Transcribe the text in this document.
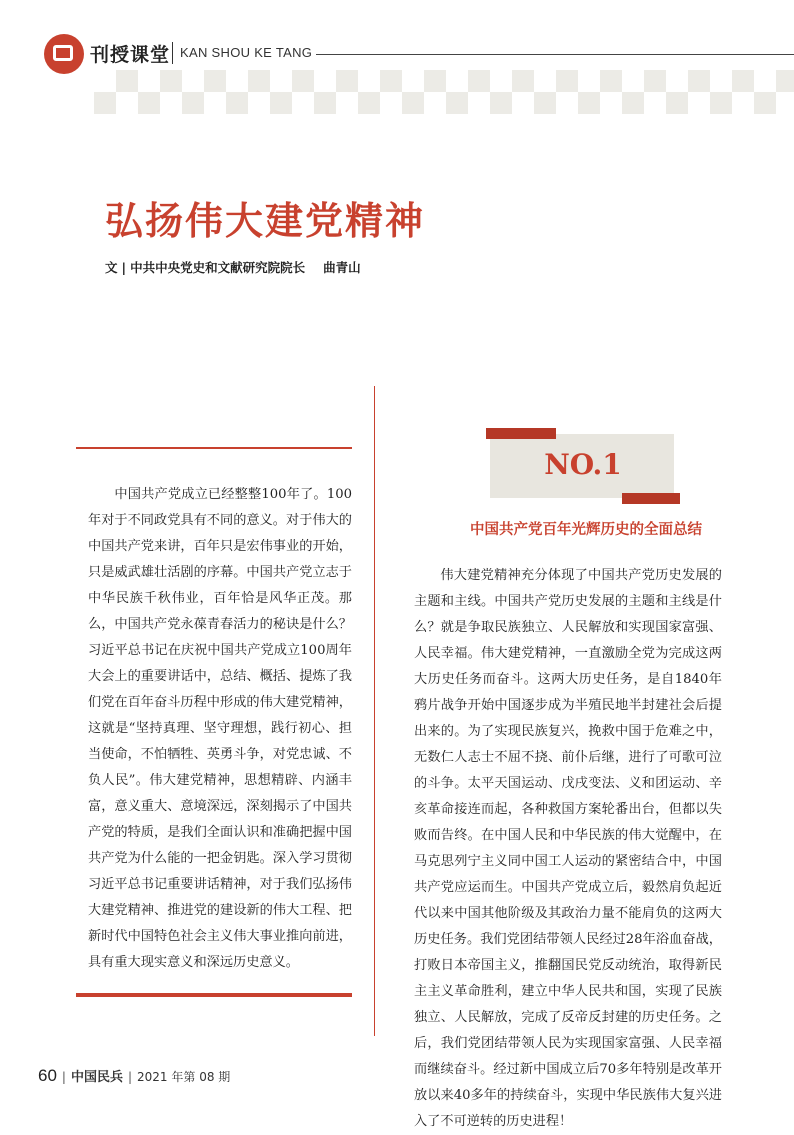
刊授课堂 KAN SHOU KE TANG
弘扬伟大建党精神
文 | 中共中央党史和文献研究院院长 曲青山

中国共产党成立已经整整100年了。100年对于不同政党具有不同的意义。对于伟大的中国共产党来讲，百年只是宏伟事业的开始，只是威武雄壮活剧的序幕。中国共产党立志于中华民族千秋伟业，百年恰是风华正茂。那么，中国共产党永葆青春活力的秘诀是什么？习近平总书记在庆祝中国共产党成立100周年大会上的重要讲话中，总结、概括、提炼了我们党在百年奋斗历程中形成的伟大建党精神，这就是“坚持真理、坚守理想，践行初心、担当使命，不怕牺牲、英勇斗争，对党忠诚、不负人民”。伟大建党精神，思想精辟、内涵丰富，意义重大、意境深远，深刻揭示了中国共产党的特质，是我们全面认识和准确把握中国共产党为什么能的一把金钥匙。深入学习贯彻习近平总书记重要讲话精神，对于我们弘扬伟大建党精神、推进党的建设新的伟大工程、把新时代中国特色社会主义伟大事业推向前进，具有重大现实意义和深远历史意义。

NO.1
中国共产党百年光辉历史的全面总结

伟大建党精神充分体现了中国共产党历史发展的主题和主线。中国共产党历史发展的主题和主线是什么？就是争取民族独立、人民解放和实现国家富强、人民幸福。伟大建党精神，一直激励全党为完成这两大历史任务而奋斗。这两大历史任务，是自1840年鸦片战争开始中国逐步成为半殖民地半封建社会后提出来的。为了实现民族复兴，挽救中国于危难之中，无数仁人志士不屈不挠、前仆后继，进行了可歌可泣的斗争。太平天国运动、戊戌变法、义和团运动、辛亥革命接连而起，各种救国方案轮番出台，但都以失败而告终。在中国人民和中华民族的伟大觉醒中，在马克思列宁主义同中国工人运动的紧密结合中，中国共产党应运而生。中国共产党成立后，毅然肩负起近代以来中国其他阶级及其政治力量不能肩负的这两大历史任务。我们党团结带领人民经过28年浴血奋战，打败日本帝国主义，推翻国民党反动统治，取得新民主主义革命胜利，建立中华人民共和国，实现了民族独立、人民解放，完成了反帝反封建的历史任务。之后，我们党团结带领人民为实现国家富强、人民幸福而继续奋斗。经过新中国成立后70多年特别是改革开放以来40多年的持续奋斗，实现中华民族伟大复兴进入了不可逆转的历史进程！

60 | 中国民兵 | 2021 年第 08 期
